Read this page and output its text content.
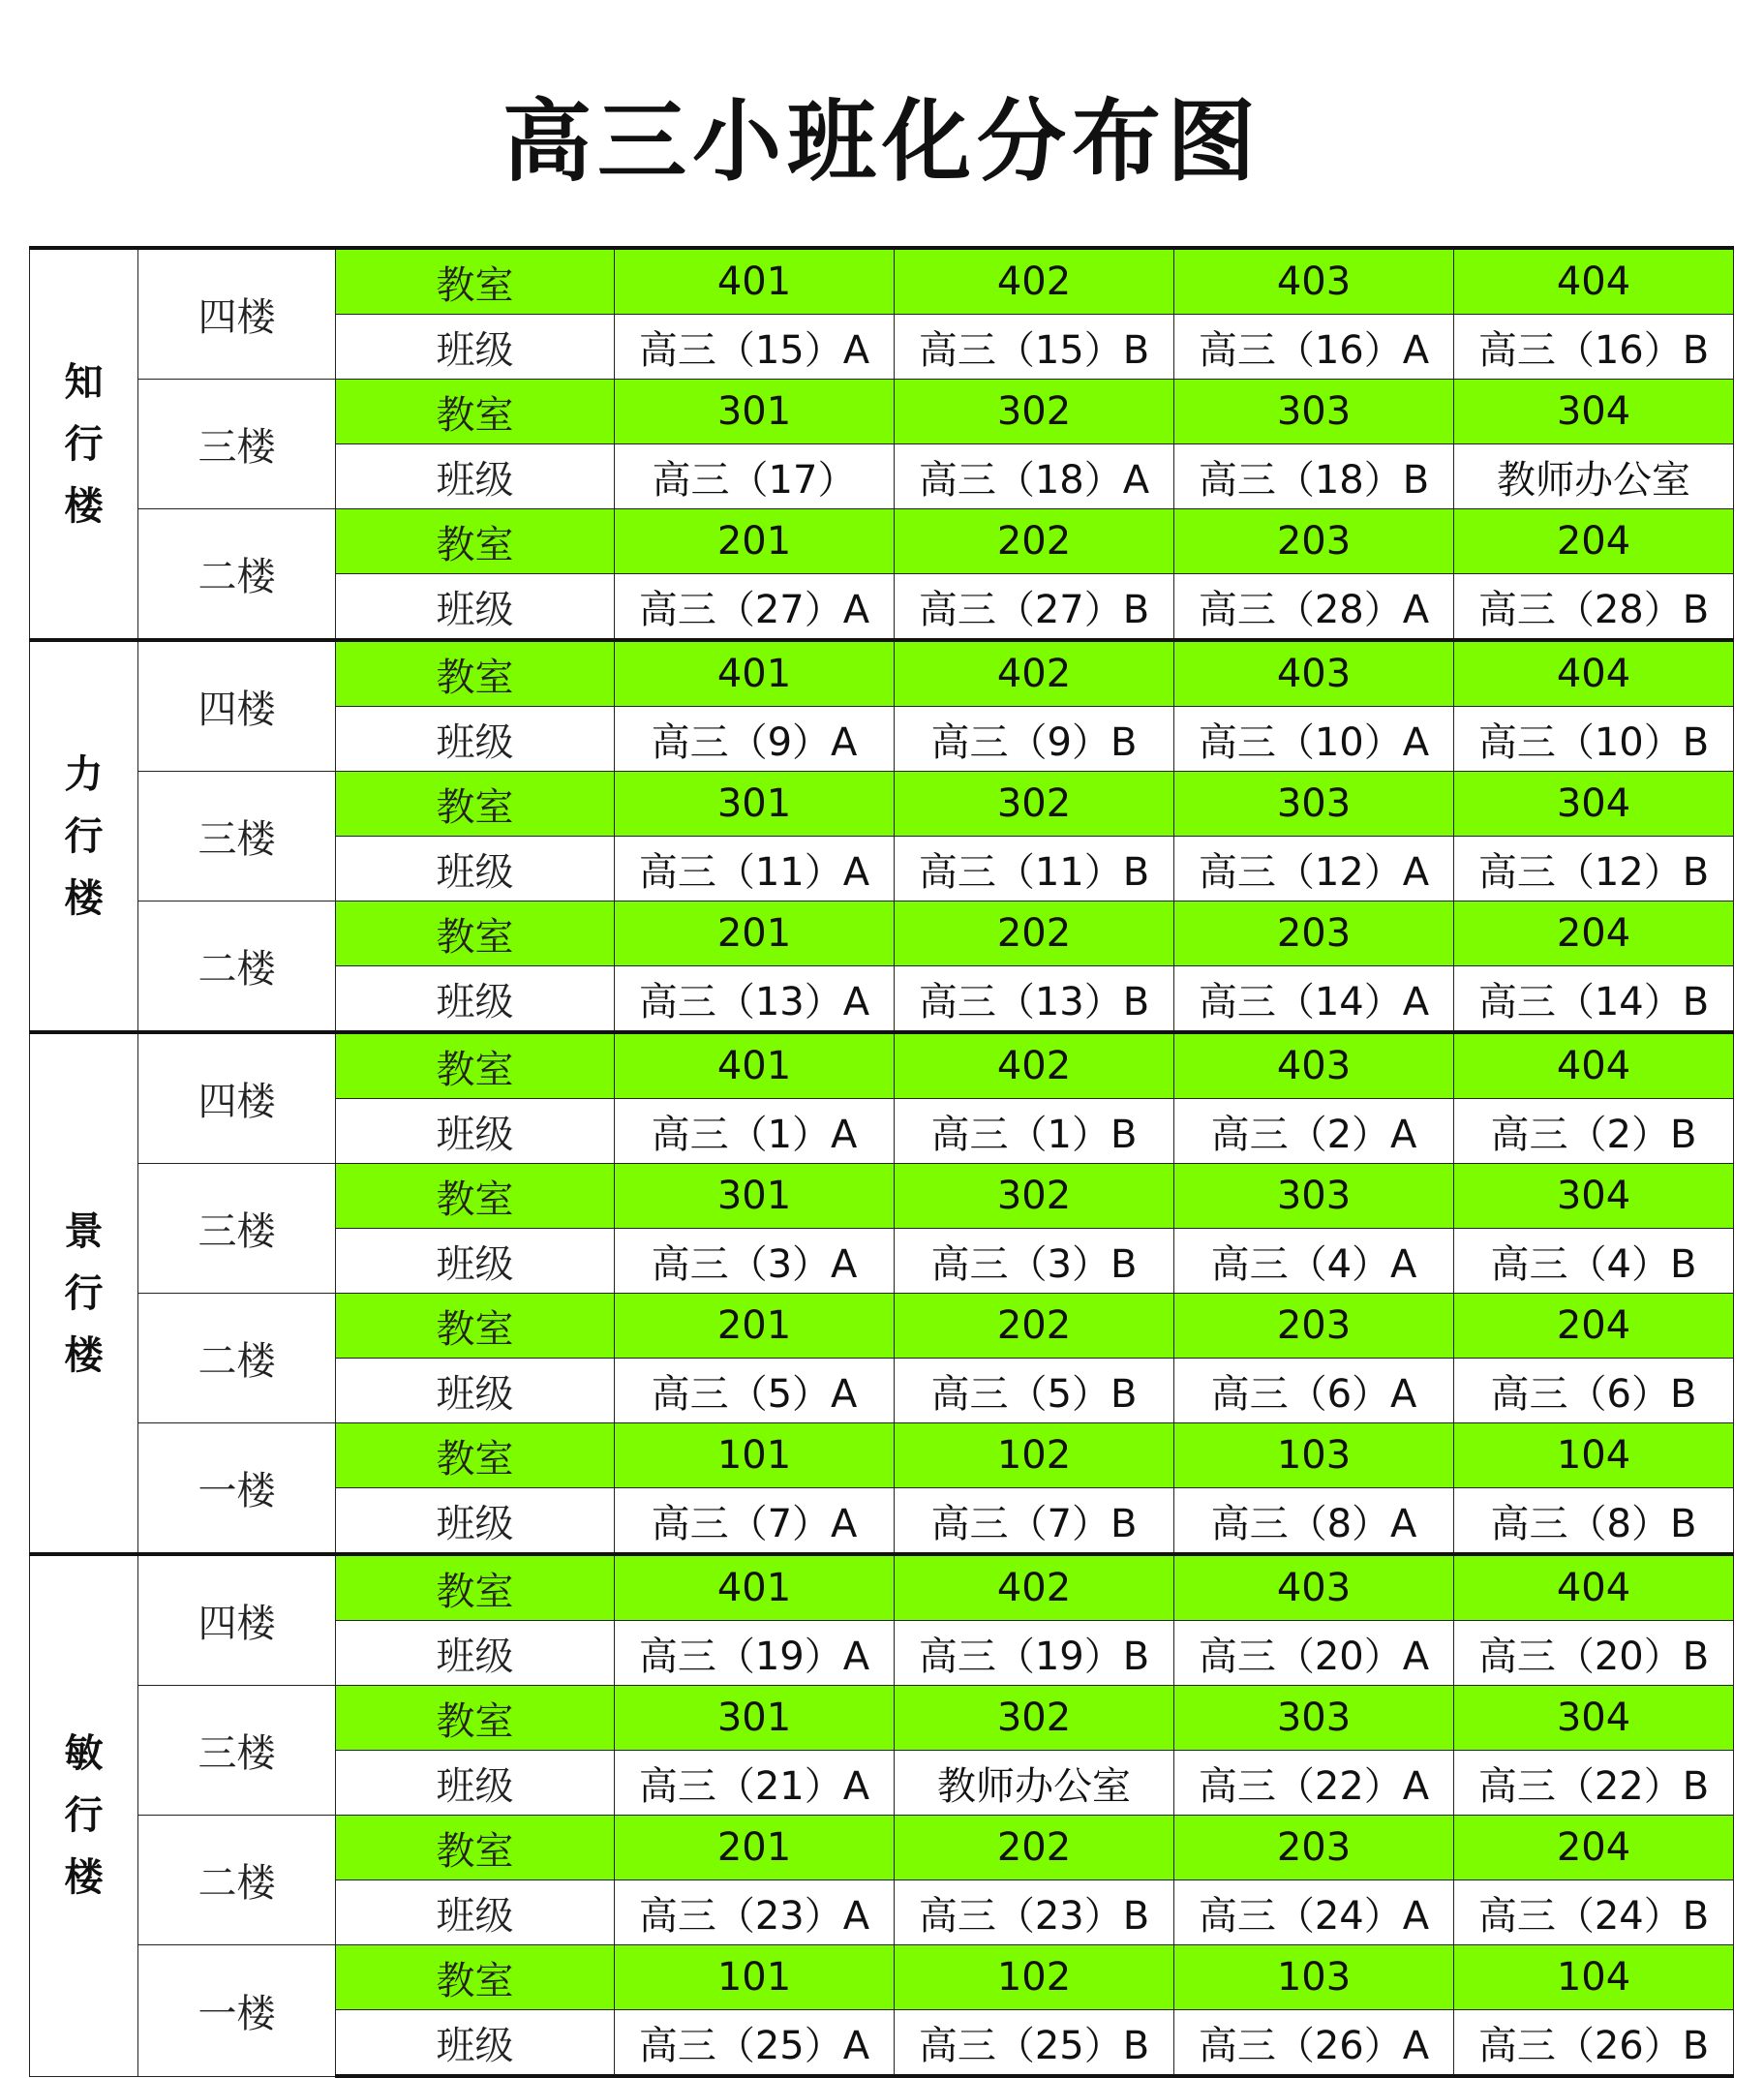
高三小班化分布图
知
行
楼	四楼	教室	401	402	403	404
		班级	高三（15）A	高三（15）B	高三（16）A	高三（16）B
	三楼	教室	301	302	303	304
		班级	高三（17）	高三（18）A	高三（18）B	教师办公室
	二楼	教室	201	202	203	204
		班级	高三（27）A	高三（27）B	高三（28）A	高三（28）B

力
行
楼	四楼	教室	401	402	403	404
		班级	高三（9）A	高三（9）B	高三（10）A	高三（10）B
	三楼	教室	301	302	303	304
		班级	高三（11）A	高三（11）B	高三（12）A	高三（12）B
	二楼	教室	201	202	203	204
		班级	高三（13）A	高三（13）B	高三（14）A	高三（14）B

景
行
楼	四楼	教室	401	402	403	404
		班级	高三（1）A	高三（1）B	高三（2）A	高三（2）B
	三楼	教室	301	302	303	304
		班级	高三（3）A	高三（3）B	高三（4）A	高三（4）B
	二楼	教室	201	202	203	204
		班级	高三（5）A	高三（5）B	高三（6）A	高三（6）B
	一楼	教室	101	102	103	104
		班级	高三（7）A	高三（7）B	高三（8）A	高三（8）B

敏
行
楼	四楼	教室	401	402	403	404
		班级	高三（19）A	高三（19）B	高三（20）A	高三（20）B
	三楼	教室	301	302	303	304
		班级	高三（21）A	教师办公室	高三（22）A	高三（22）B
	二楼	教室	201	202	203	204
		班级	高三（23）A	高三（23）B	高三（24）A	高三（24）B
	一楼	教室	101	102	103	104
		班级	高三（25）A	高三（25）B	高三（26）A	高三（26）B
